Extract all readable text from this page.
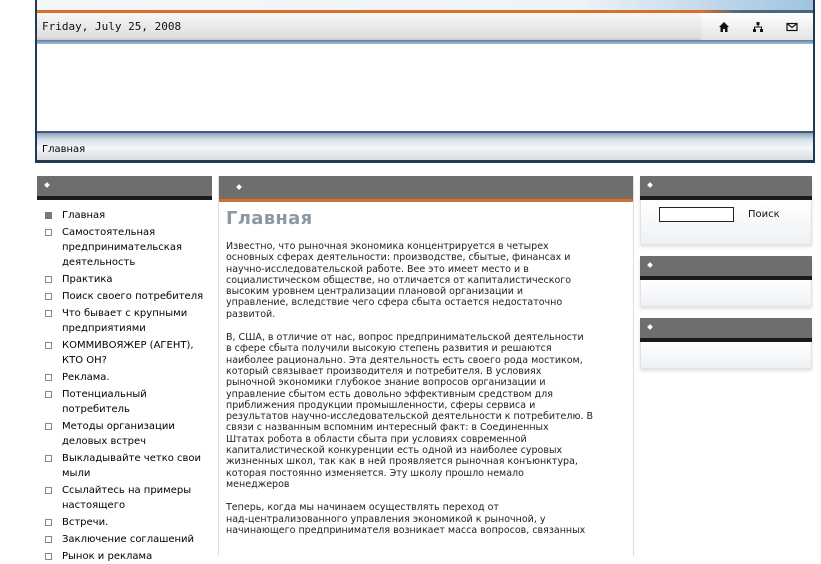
Friday, July 25, 2008
Главная
Главная
Самостоятельная предпринимательская деятельность
Практика
Поиск своего потребителя
Что бывает с крупными предприятиями
КОММИВОЯЖЕР (АГЕНТ), КТО ОН?
Реклама.
Потенциальный потребитель
Методы организации деловых встреч
Выкладывайте четко свои мыли
Ссылайтесь на примеры настоящего
Встречи.
Заключение соглашений
Рынок и реклама
Главная

Известно, что рыночная экономика концентрируется в четырех
основных сферах деятельности: производстве, сбытые, финансах и
научно-исследовательской работе. Вее это имеет место и в
социалистическом обществе, но отличается от капиталистического
высоким уровнем централизации плановой организации и
управление, вследствие чего сфера сбыта остается недостаточно
развитой.

В, США, в отличие от нас, вопрос предпринимательской деятельности
в сфере сбыта получили высокую степень развития и решаются
наиболее рационально. Эта деятельность есть своего рода мостиком,
который связывает производителя и потребителя. В условиях
рыночной экономики глубокое знание вопросов организации и
управление сбытом есть довольно эффективным средством для
приближения продукции промышленности, сферы сервиса и
результатов научно-исследовательской деятельности к потребителю. В
связи с названным вспомним интересный факт: в Соединенных
Штатах робота в области сбыта при условиях современной
капиталистической конкуренции есть одной из наиболее суровых
жизненных школ, так как в ней проявляется рыночная конъюнктура,
которая постоянно изменяется. Эту школу прошло немало
менеджеров

Теперь, когда мы начинаем осуществлять переход от
над-централизованного управления экономикой к рыночной, у
начинающего предпринимателя возникает масса вопросов, связанных

Поиск
